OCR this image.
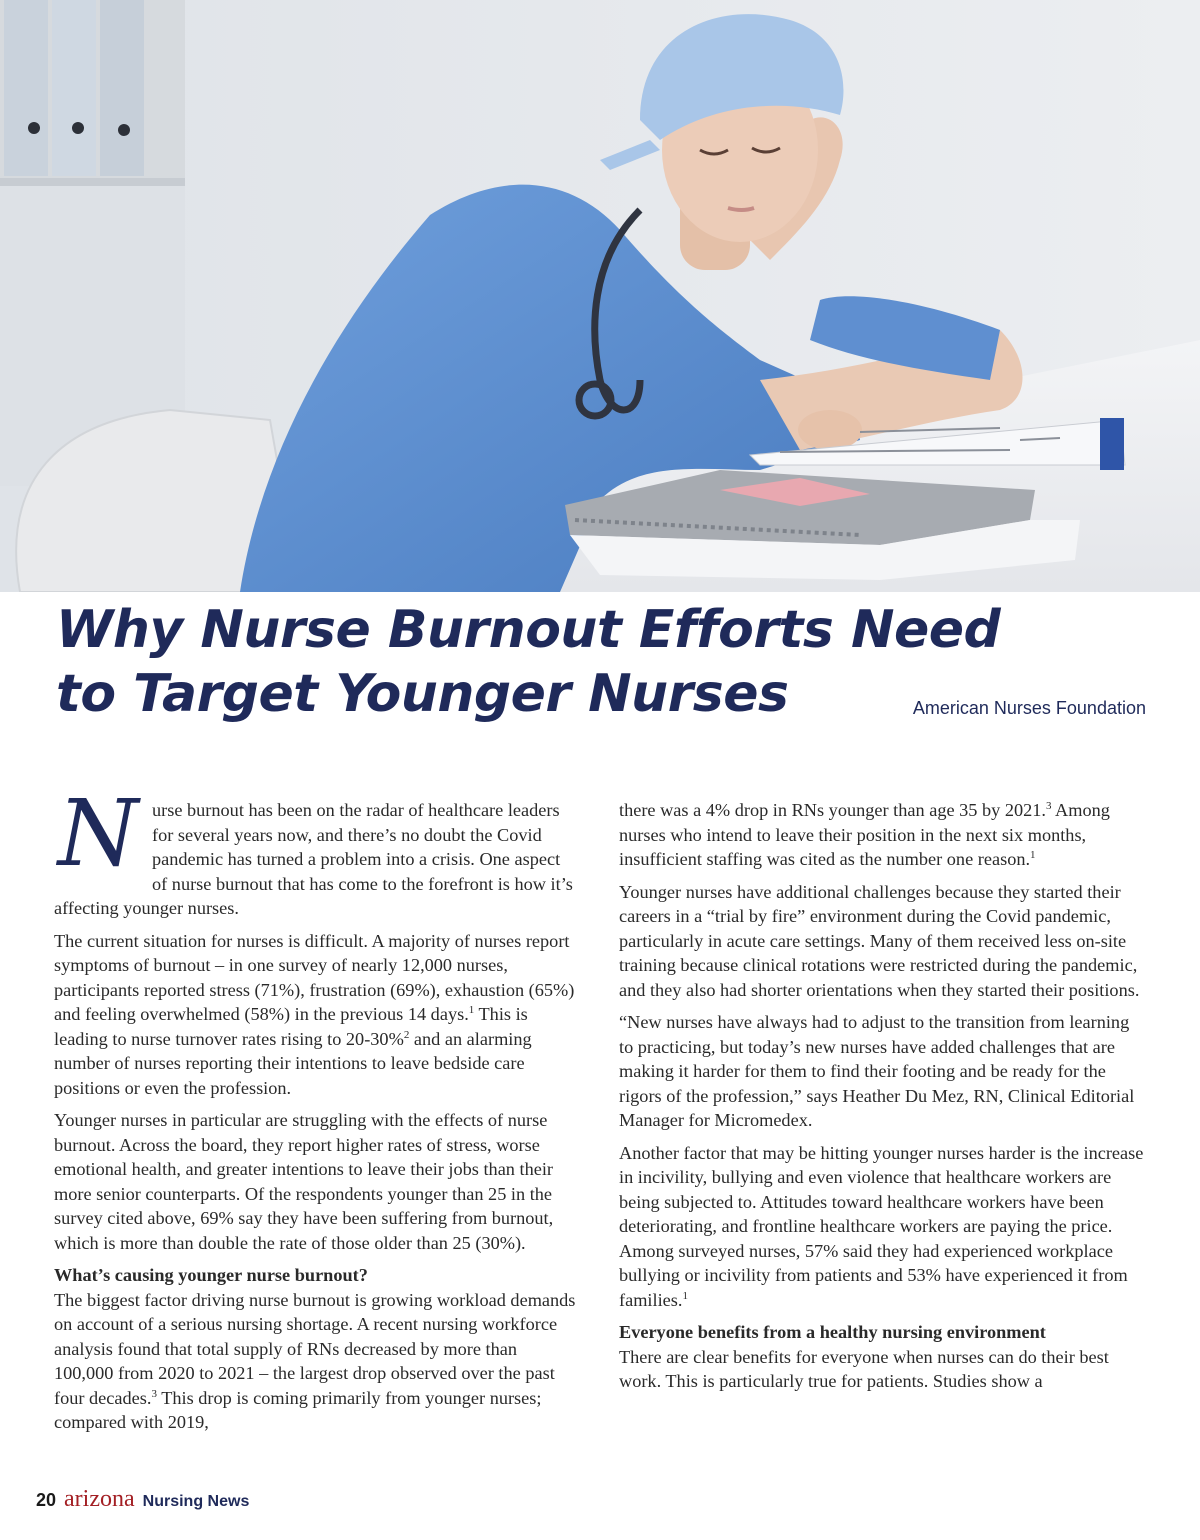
Why Nurse Burnout Efforts Need
to Target Younger Nurses	American Nurses Foundation

Nurse burnout has been on the radar of healthcare leaders for several years now, and there’s no doubt the Covid pandemic has turned a problem into a crisis. One aspect of nurse burnout that has come to the forefront is how it’s affecting younger nurses.

The current situation for nurses is difficult. A majority of nurses report symptoms of burnout – in one survey of nearly 12,000 nurses, participants reported stress (71%), frustration (69%), exhaustion (65%) and feeling overwhelmed (58%) in the previous 14 days.$^1$ This is leading to nurse turnover rates rising to 20-30%$^2$ and an alarming number of nurses reporting their intentions to leave bedside care positions or even the profession.

Younger nurses in particular are struggling with the effects of nurse burnout. Across the board, they report higher rates of stress, worse emotional health, and greater intentions to leave their jobs than their more senior counterparts. Of the respondents younger than 25 in the survey cited above, 69% say they have been suffering from burnout, which is more than double the rate of those older than 25 (30%).

What’s causing younger nurse burnout?

The biggest factor driving nurse burnout is growing workload demands on account of a serious nursing shortage. A recent nursing workforce analysis found that total supply of RNs decreased by more than 100,000 from 2020 to 2021 – the largest drop observed over the past four decades.$^3$ This drop is coming primarily from younger nurses; compared with 2019,

there was a 4% drop in RNs younger than age 35 by 2021.$^3$ Among nurses who intend to leave their position in the next six months, insufficient staffing was cited as the number one reason.$^1$

Younger nurses have additional challenges because they started their careers in a “trial by fire” environment during the Covid pandemic, particularly in acute care settings. Many of them received less on-site training because clinical rotations were restricted during the pandemic, and they also had shorter orientations when they started their positions.

“New nurses have always had to adjust to the transition from learning to practicing, but today’s new nurses have added challenges that are making it harder for them to find their footing and be ready for the rigors of the profession,” says Heather Du Mez, RN, Clinical Editorial Manager for Micromedex.

Another factor that may be hitting younger nurses harder is the increase in incivility, bullying and even violence that healthcare workers are being subjected to. Attitudes toward healthcare workers have been deteriorating, and frontline healthcare workers are paying the price. Among surveyed nurses, 57% said they had experienced workplace bullying or incivility from patients and 53% have experienced it from families.$^1$

Everyone benefits from a healthy nursing environment

There are clear benefits for everyone when nurses can do their best work. This is particularly true for patients. Studies show a

20 arizona Nursing News
